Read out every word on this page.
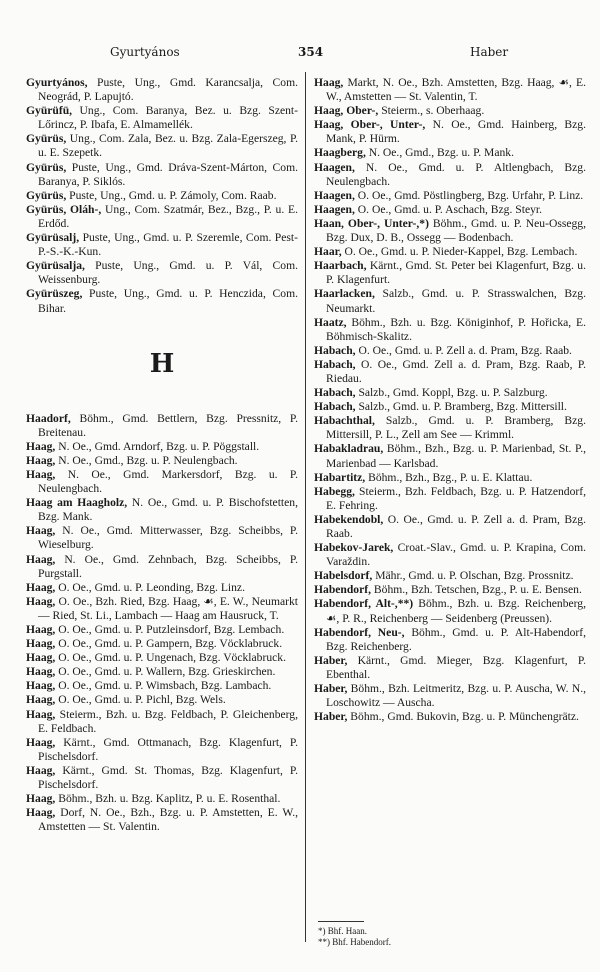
Gyurtyános	354	Haber

Gyurtyános, Puste, Ung., Gmd. Karancsalja, Com. Neográd, P. Lapujtó.

Gyürüfü, Ung., Com. Baranya, Bez. u. Bzg. Szent-Lőrincz, P. Ibafa, E. Almamellék.

Gyürüs, Ung., Com. Zala, Bez. u. Bzg. Zala-Egerszeg, P. u. E. Szepetk.

Gyürüs, Puste, Ung., Gmd. Dráva-Szent-Márton, Com. Baranya, P. Siklós.

Gyürüs, Puste, Ung., Gmd. u. P. Zámoly, Com. Raab.

Gyürüs, Oláh-, Ung., Com. Szatmár, Bez., Bzg., P. u. E. Erdőd.

Gyürüsalj, Puste, Ung., Gmd. u. P. Szeremle, Com. Pest-P.-S.-K.-Kun.

Gyürüsalja, Puste, Ung., Gmd. u. P. Vál, Com. Weissenburg.

Gyürüszeg, Puste, Ung., Gmd. u. P. Henczida, Com. Bihar.

H

Haadorf, Böhm., Gmd. Bettlern, Bzg. Pressnitz, P. Breitenau.

Haag, N. Oe., Gmd. Arndorf, Bzg. u. P. Pöggstall.

Haag, N. Oe., Gmd., Bzg. u. P. Neulengbach.

Haag, N. Oe., Gmd. Markersdorf, Bzg. u. P. Neulengbach.

Haag am Haagholz, N. Oe., Gmd. u. P. Bischofstetten, Bzg. Mank.

Haag, N. Oe., Gmd. Mitterwasser, Bzg. Scheibbs, P. Wieselburg.

Haag, N. Oe., Gmd. Zehnbach, Bzg. Scheibbs, P. Purgstall.

Haag, O. Oe., Gmd. u. P. Leonding, Bzg. Linz.

Haag, O. Oe., Bzh. Ried, Bzg. Haag, ☙, E. W., Neumarkt — Ried, St. Li., Lambach — Haag am Hausruck, T.

Haag, O. Oe., Gmd. u. P. Putzleinsdorf, Bzg. Lembach.

Haag, O. Oe., Gmd. u. P. Gampern, Bzg. Vöcklabruck.

Haag, O. Oe., Gmd. u. P. Ungenach, Bzg. Vöcklabruck.

Haag, O. Oe., Gmd. u. P. Wallern, Bzg. Grieskirchen.

Haag, O. Oe., Gmd. u. P. Wimsbach, Bzg. Lambach.

Haag, O. Oe., Gmd. u. P. Pichl, Bzg. Wels.

Haag, Steierm., Bzh. u. Bzg. Feldbach, P. Gleichenberg, E. Feldbach.

Haag, Kärnt., Gmd. Ottmanach, Bzg. Klagenfurt, P. Pischelsdorf.

Haag, Kärnt., Gmd. St. Thomas, Bzg. Klagenfurt, P. Pischelsdorf.

Haag, Böhm., Bzh. u. Bzg. Kaplitz, P. u. E. Rosenthal.

Haag, Dorf, N. Oe., Bzh., Bzg. u. P. Amstetten, E. W., Amstetten — St. Valentin.

Haag, Markt, N. Oe., Bzh. Amstetten, Bzg. Haag, ☙, E. W., Amstetten — St. Valentin, T.

Haag, Ober-, Steierm., s. Oberhaag.

Haag, Ober-, Unter-, N. Oe., Gmd. Hainberg, Bzg. Mank, P. Hürm.

Haagberg, N. Oe., Gmd., Bzg. u. P. Mank.

Haagen, N. Oe., Gmd. u. P. Altlengbach, Bzg. Neulengbach.

Haagen, O. Oe., Gmd. Pöstlingberg, Bzg. Urfahr, P. Linz.

Haagen, O. Oe., Gmd. u. P. Aschach, Bzg. Steyr.

Haan, Ober-, Unter-,*) Böhm., Gmd. u. P. Neu-Ossegg, Bzg. Dux, D. B., Ossegg — Bodenbach.

Haar, O. Oe., Gmd. u. P. Nieder-Kappel, Bzg. Lembach.

Haarbach, Kärnt., Gmd. St. Peter bei Klagenfurt, Bzg. u. P. Klagenfurt.

Haarlacken, Salzb., Gmd. u. P. Strasswalchen, Bzg. Neumarkt.

Haatz, Böhm., Bzh. u. Bzg. Königinhof, P. Hořicka, E. Böhmisch-Skalitz.

Habach, O. Oe., Gmd. u. P. Zell a. d. Pram, Bzg. Raab.

Habach, O. Oe., Gmd. Zell a. d. Pram, Bzg. Raab, P. Riedau.

Habach, Salzb., Gmd. Koppl, Bzg. u. P. Salzburg.

Habach, Salzb., Gmd. u. P. Bramberg, Bzg. Mittersill.

Habachthal, Salzb., Gmd. u. P. Bramberg, Bzg. Mittersill, P. L., Zell am See — Krimml.

Habakladrau, Böhm., Bzh., Bzg. u. P. Marienbad, St. P., Marienbad — Karlsbad.

Habartitz, Böhm., Bzh., Bzg., P. u. E. Klattau.

Habegg, Steierm., Bzh. Feldbach, Bzg. u. P. Hatzendorf, E. Fehring.

Habekendobl, O. Oe., Gmd. u. P. Zell a. d. Pram, Bzg. Raab.

Habekov-Jarek, Croat.-Slav., Gmd. u. P. Krapina, Com. Varaždin.

Habelsdorf, Mähr., Gmd. u. P. Olschan, Bzg. Prossnitz.

Habendorf, Böhm., Bzh. Tetschen, Bzg., P. u. E. Bensen.

Habendorf, Alt-,**) Böhm., Bzh. u. Bzg. Reichenberg, ☙, P. R., Reichenberg — Seidenberg (Preussen).

Habendorf, Neu-, Böhm., Gmd. u. P. Alt-Habendorf, Bzg. Reichenberg.

Haber, Kärnt., Gmd. Mieger, Bzg. Klagenfurt, P. Ebenthal.

Haber, Böhm., Bzh. Leitmeritz, Bzg. u. P. Auscha, W. N., Loschowitz — Auscha.

Haber, Böhm., Gmd. Bukovin, Bzg. u. P. Münchengrätz.

*) Bhf. Haan.
**) Bhf. Habendorf.
